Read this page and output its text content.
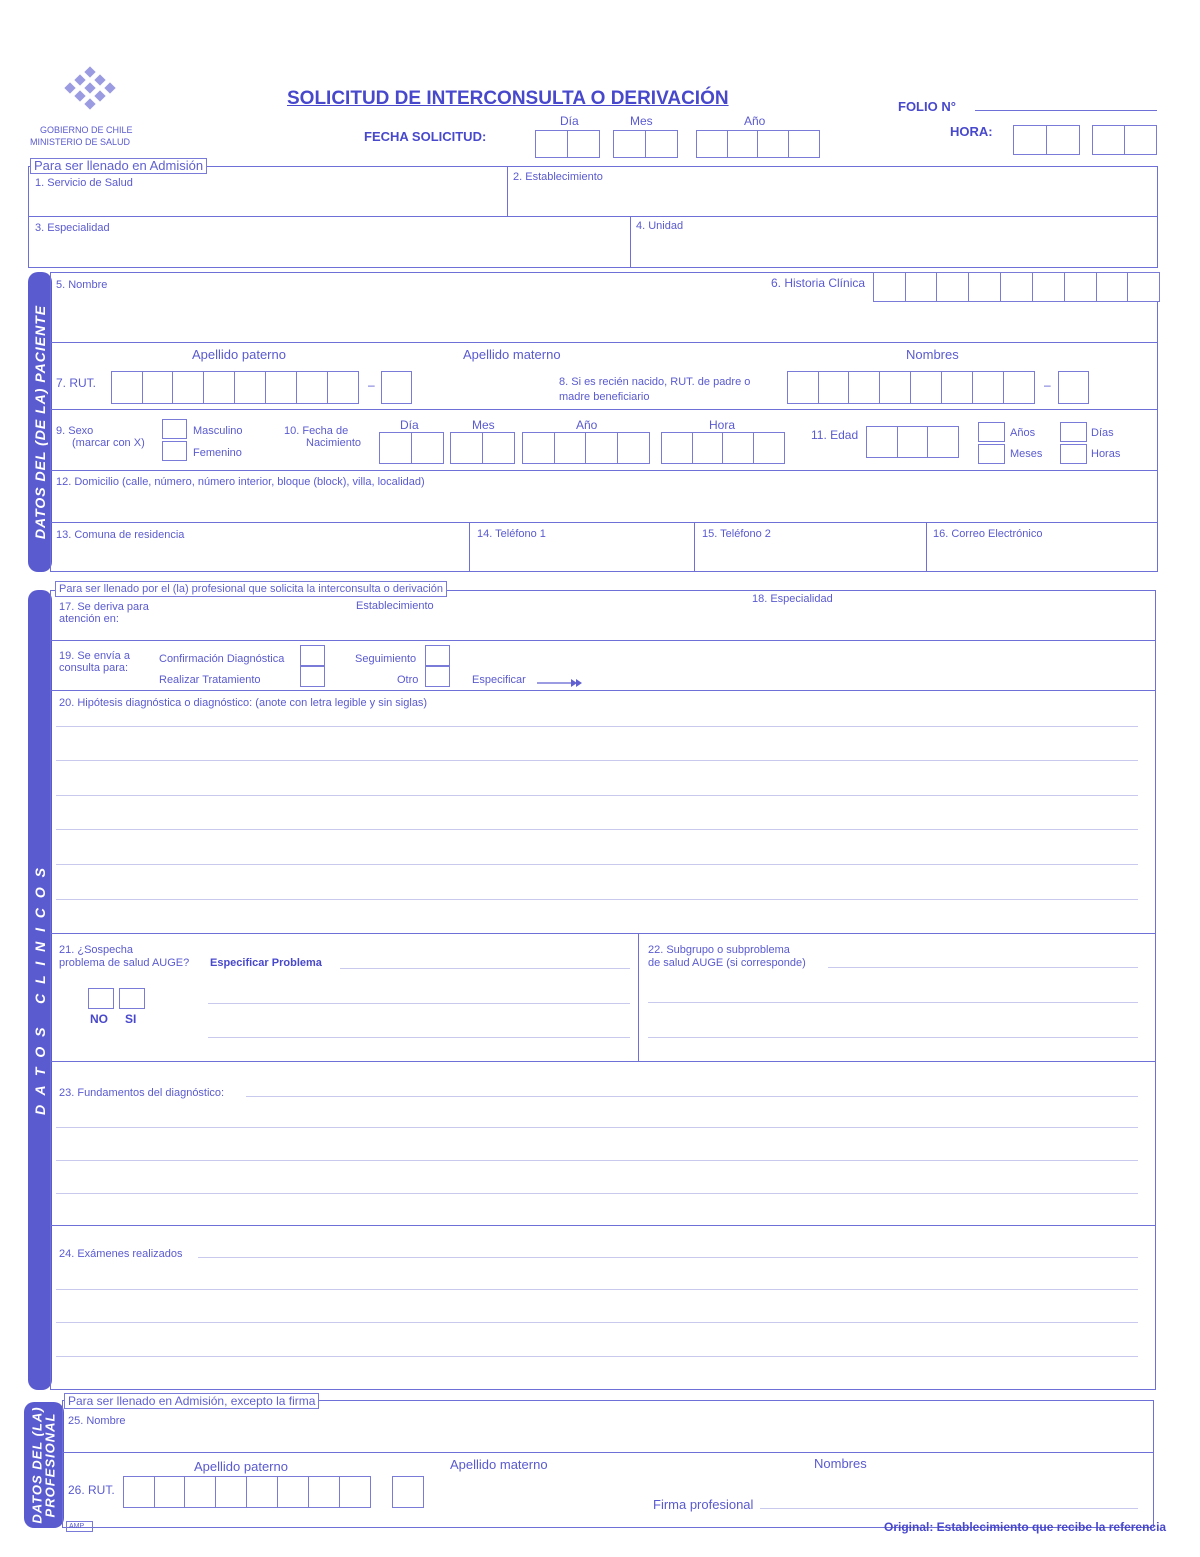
GOBIERNO DE CHILE
MINISTERIO DE SALUD
SOLICITUD DE INTERCONSULTA O DERIVACIÓN
FECHA SOLICITUD:
Día	Mes	Año
FOLIO N°
HORA:
Para ser llenado en Admisión
1. Servicio de Salud	2. Establecimiento
3. Especialidad	4. Unidad
DATOS DEL (DE LA) PACIENTE
5. Nombre	6. Historia Clínica
Apellido paterno	Apellido materno	Nombres
7. RUT.	–	8. Si es recién nacido, RUT. de padre o
madre beneficiario
–
9. Sexo
(marcar con X)
Masculino
Femenino
10. Fecha de
Nacimiento
Día	Mes	Año	Hora
11. Edad	Años	Días
Meses	Horas
12. Domicilio (calle, número, número interior, bloque (block), villa, localidad)
13. Comuna de residencia	14. Teléfono 1	15. Teléfono 2	16. Correo Electrónico
D A T O S   C L I N I C O S
Para ser llenado por el (la) profesional que solicita la interconsulta o derivación
17. Se deriva para
atención en:
Establecimiento
18. Especialidad
19. Se envía a
consulta para:
Confirmación Diagnóstica
Realizar Tratamiento
Seguimiento
Otro	Especificar
20. Hipótesis diagnóstica o diagnóstico: (anote con letra legible y sin siglas)
21. ¿Sospecha
problema de salud AUGE? Especificar Problema
NO SI
22. Subgrupo o subproblema
de salud AUGE (si corresponde)
23. Fundamentos del diagnóstico:
24. Exámenes realizados
DATOS DEL (LA)
PROFESIONAL
Para ser llenado en Admisión, excepto la firma
25. Nombre
Apellido paterno	Apellido materno	Nombres
26. RUT.
Firma profesional
AMP	Original: Establecimiento que recibe la referencia
